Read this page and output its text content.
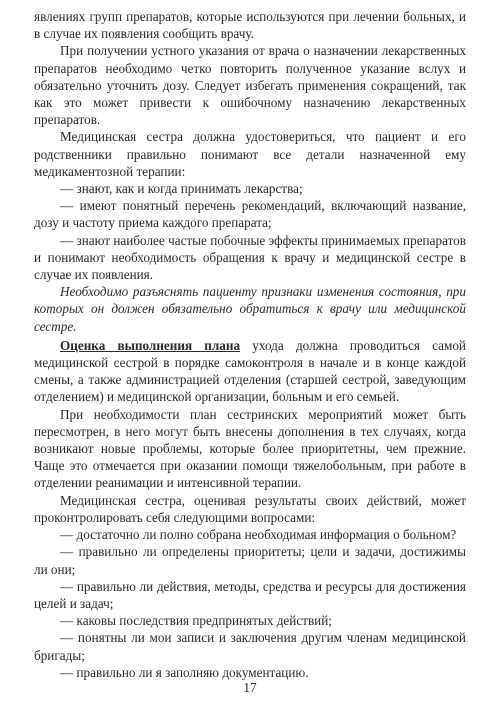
явлениях групп препаратов, которые используются при лечении больных, и в случае их появления сообщить врачу.

При получении устного указания от врача о назначении лекарственных препаратов необходимо четко повторить полученное указание вслух и обязательно уточнить дозу. Следует избегать применения сокращений, так как это может привести к ошибочному назначению лекарственных препаратов.

Медицинская сестра должна удостовериться, что пациент и его родственники правильно понимают все детали назначенной ему медикаментозной терапии:

— знают, как и когда принимать лекарства;

— имеют понятный перечень рекомендаций, включающий название, дозу и частоту приема каждого препарата;

— знают наиболее частые побочные эффекты принимаемых препаратов и понимают необходимость обращения к врачу и медицинской сестре в случае их появления.

Необходимо разъяснять пациенту признаки изменения состояния, при которых он должен обязательно обратиться к врачу или медицинской сестре.

Оценка выполнения плана ухода должна проводиться самой медицинской сестрой в порядке самоконтроля в начале и в конце каждой смены, а также администрацией отделения (старшей сестрой, заведующим отделением) и медицинской организации, больным и его семьей.

При необходимости план сестринских мероприятий может быть пересмотрен, в него могут быть внесены дополнения в тех случаях, когда возникают новые проблемы, которые более приоритетны, чем прежние. Чаще это отмечается при оказании помощи тяжелобольным, при работе в отделении реанимации и интенсивной терапии.

Медицинская сестра, оценивая результаты своих действий, может проконтролировать себя следующими вопросами:

— достаточно ли полно собрана необходимая информация о больном?

— правильно ли определены приоритеты; цели и задачи, достижимы ли они;

— правильно ли действия, методы, средства и ресурсы для достижения целей и задач;

— каковы последствия предпринятых действий;

— понятны ли мои записи и заключения другим членам медицинской бригады;

— правильно ли я заполняю документацию.

17
